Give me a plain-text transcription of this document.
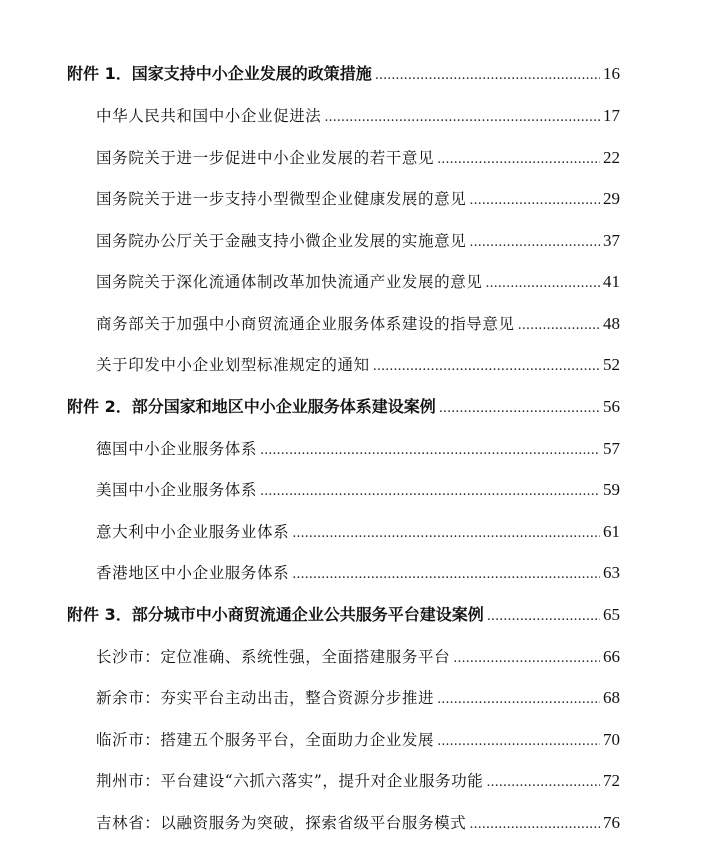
附件 1．国家支持中小企业发展的政策措施 .....	16
中华人民共和国中小企业促进法 .....	17
国务院关于进一步促进中小企业发展的若干意见 .....	22
国务院关于进一步支持小型微型企业健康发展的意见 .....	29
国务院办公厅关于金融支持小微企业发展的实施意见 .....	37
国务院关于深化流通体制改革加快流通产业发展的意见 .....	41
商务部关于加强中小商贸流通企业服务体系建设的指导意见 .....	48
关于印发中小企业划型标准规定的通知 .....	52
附件 2．部分国家和地区中小企业服务体系建设案例 .....	56
德国中小企业服务体系 .....	57
美国中小企业服务体系 .....	59
意大利中小企业服务业体系 .....	61
香港地区中小企业服务体系 .....	63
附件 3．部分城市中小商贸流通企业公共服务平台建设案例 .....	65
长沙市：定位准确、系统性强，全面搭建服务平台 .....	66
新余市：夯实平台主动出击，整合资源分步推进 .....	68
临沂市：搭建五个服务平台，全面助力企业发展 .....	70
荆州市：平台建设“六抓六落实”，提升对企业服务功能 .....	72
吉林省：以融资服务为突破，探索省级平台服务模式 .....	76
